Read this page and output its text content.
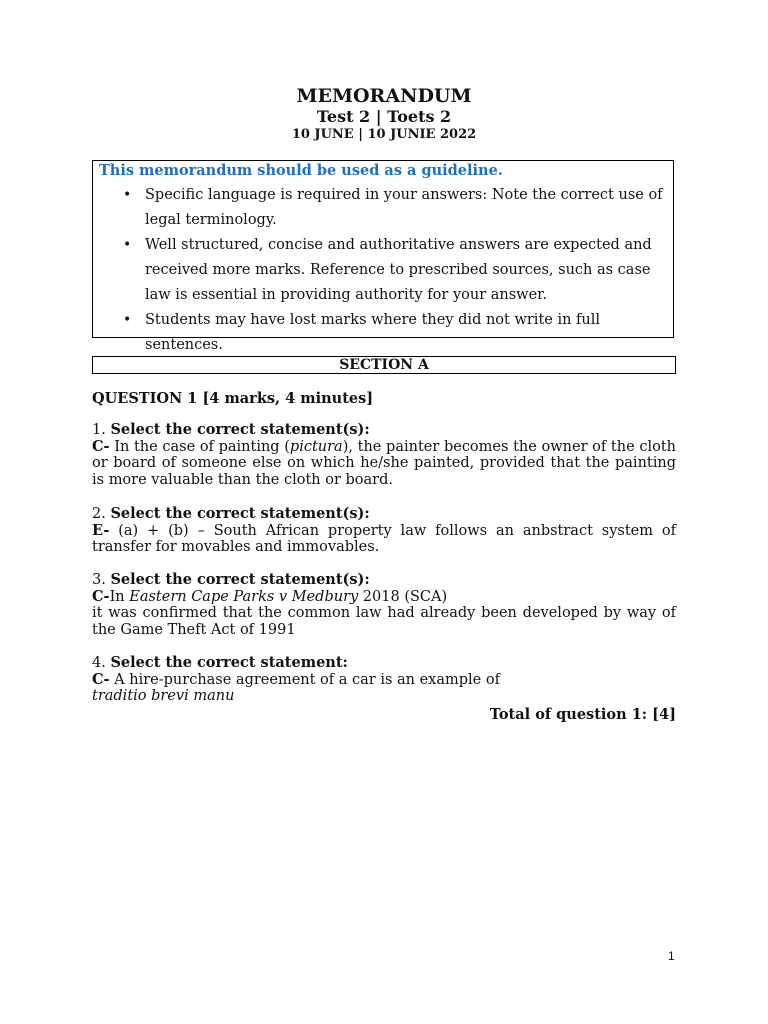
MEMORANDUM
Test 2 | Toets 2
10 JUNE | 10 JUNIE 2022
This memorandum should be used as a guideline.
• Specific language is required in your answers: Note the correct use of legal terminology.
• Well structured, concise and authoritative answers are expected and received more marks. Reference to prescribed sources, such as case law is essential in providing authority for your answer.
• Students may have lost marks where they did not write in full sentences.
SECTION A
QUESTION 1 [4 marks, 4 minutes]
1. Select the correct statement(s):
C- In the case of painting (pictura), the painter becomes the owner of the cloth or board of someone else on which he/she painted, provided that the painting is more valuable than the cloth or board.
2. Select the correct statement(s):
E- (a) + (b) – South African property law follows an anbstract system of transfer for movables and immovables.
3. Select the correct statement(s):
C-In Eastern Cape Parks v Medbury 2018 (SCA)
it was confirmed that the common law had already been developed by way of the Game Theft Act of 1991
4. Select the correct statement:
C- A hire-purchase agreement of a car is an example of
traditio brevi manu
Total of question 1: [4]
1
